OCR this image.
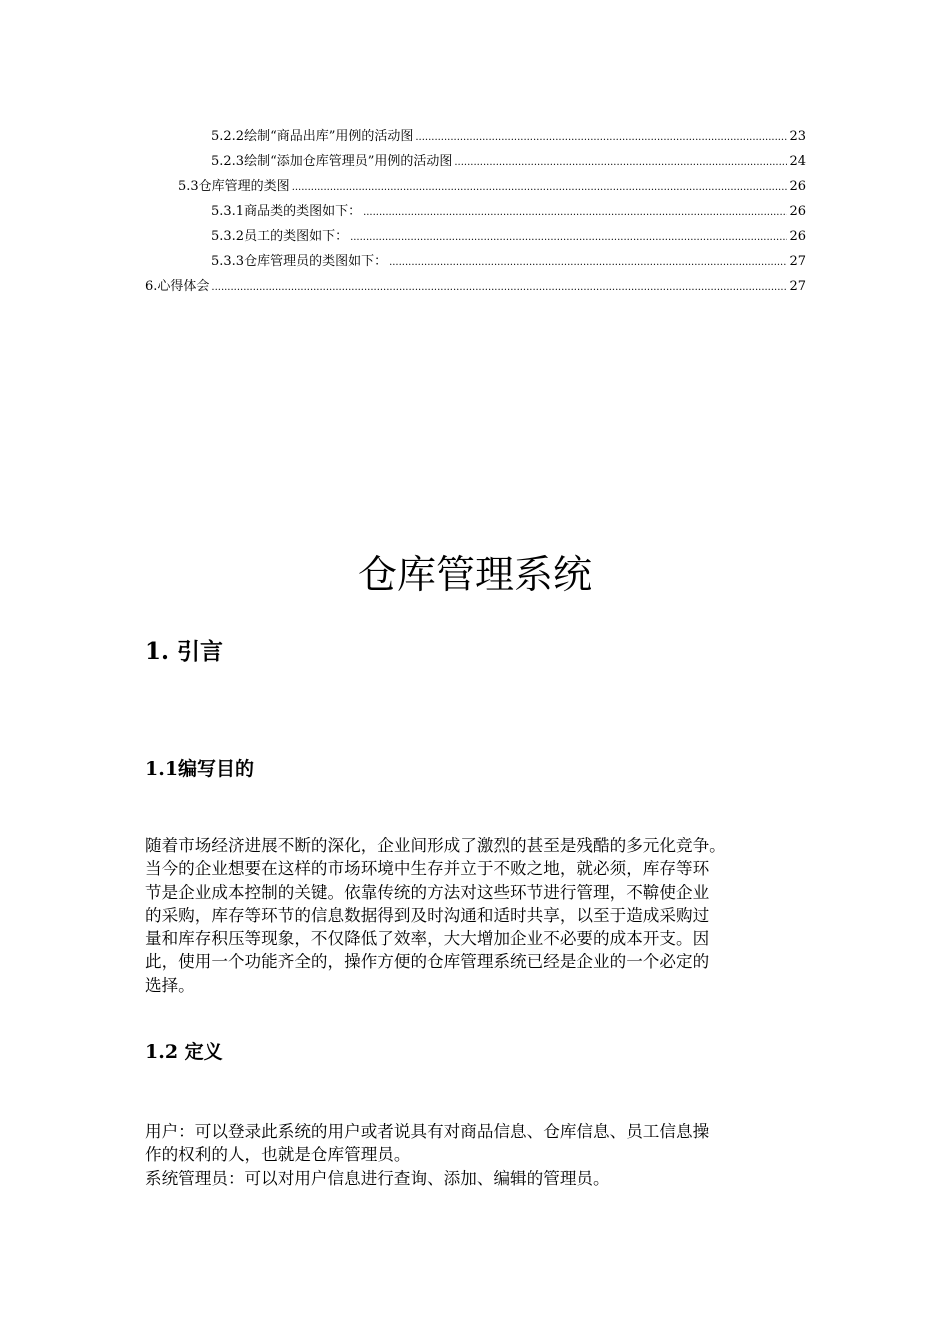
5.2.2绘制“商品出库”用例的活动图 .....	23
5.2.3绘制“添加仓库管理员”用例的活动图 .....	24
5.3仓库管理的类图 .....	26
5.3.1商品类的类图如下： .....	26
5.3.2员工的类图如下： .....	26
5.3.3仓库管理员的类图如下： .....	27
6.心得体会 .....	27
仓库管理系统
1. 引言
1.1编写目的

随着市场经济进展不断的深化，企业间形成了激烈的甚至是残酷的多元化竞争。

当今的企业想要在这样的市场环境中生存并立于不败之地，就必须，库存等环

节是企业成本控制的关键。依靠传统的方法对这些环节进行管理，不鞥使企业

的采购，库存等环节的信息数据得到及时沟通和适时共享，以至于造成采购过

量和库存积压等现象，不仅降低了效率，大大增加企业不必要的成本开支。因

此，使用一个功能齐全的，操作方便的仓库管理系统已经是企业的一个必定的

选择。

1.2 定义

用户：可以登录此系统的用户或者说具有对商品信息、仓库信息、员工信息操

作的权利的人，也就是仓库管理员。

系统管理员：可以对用户信息进行查询、添加、编辑的管理员。
